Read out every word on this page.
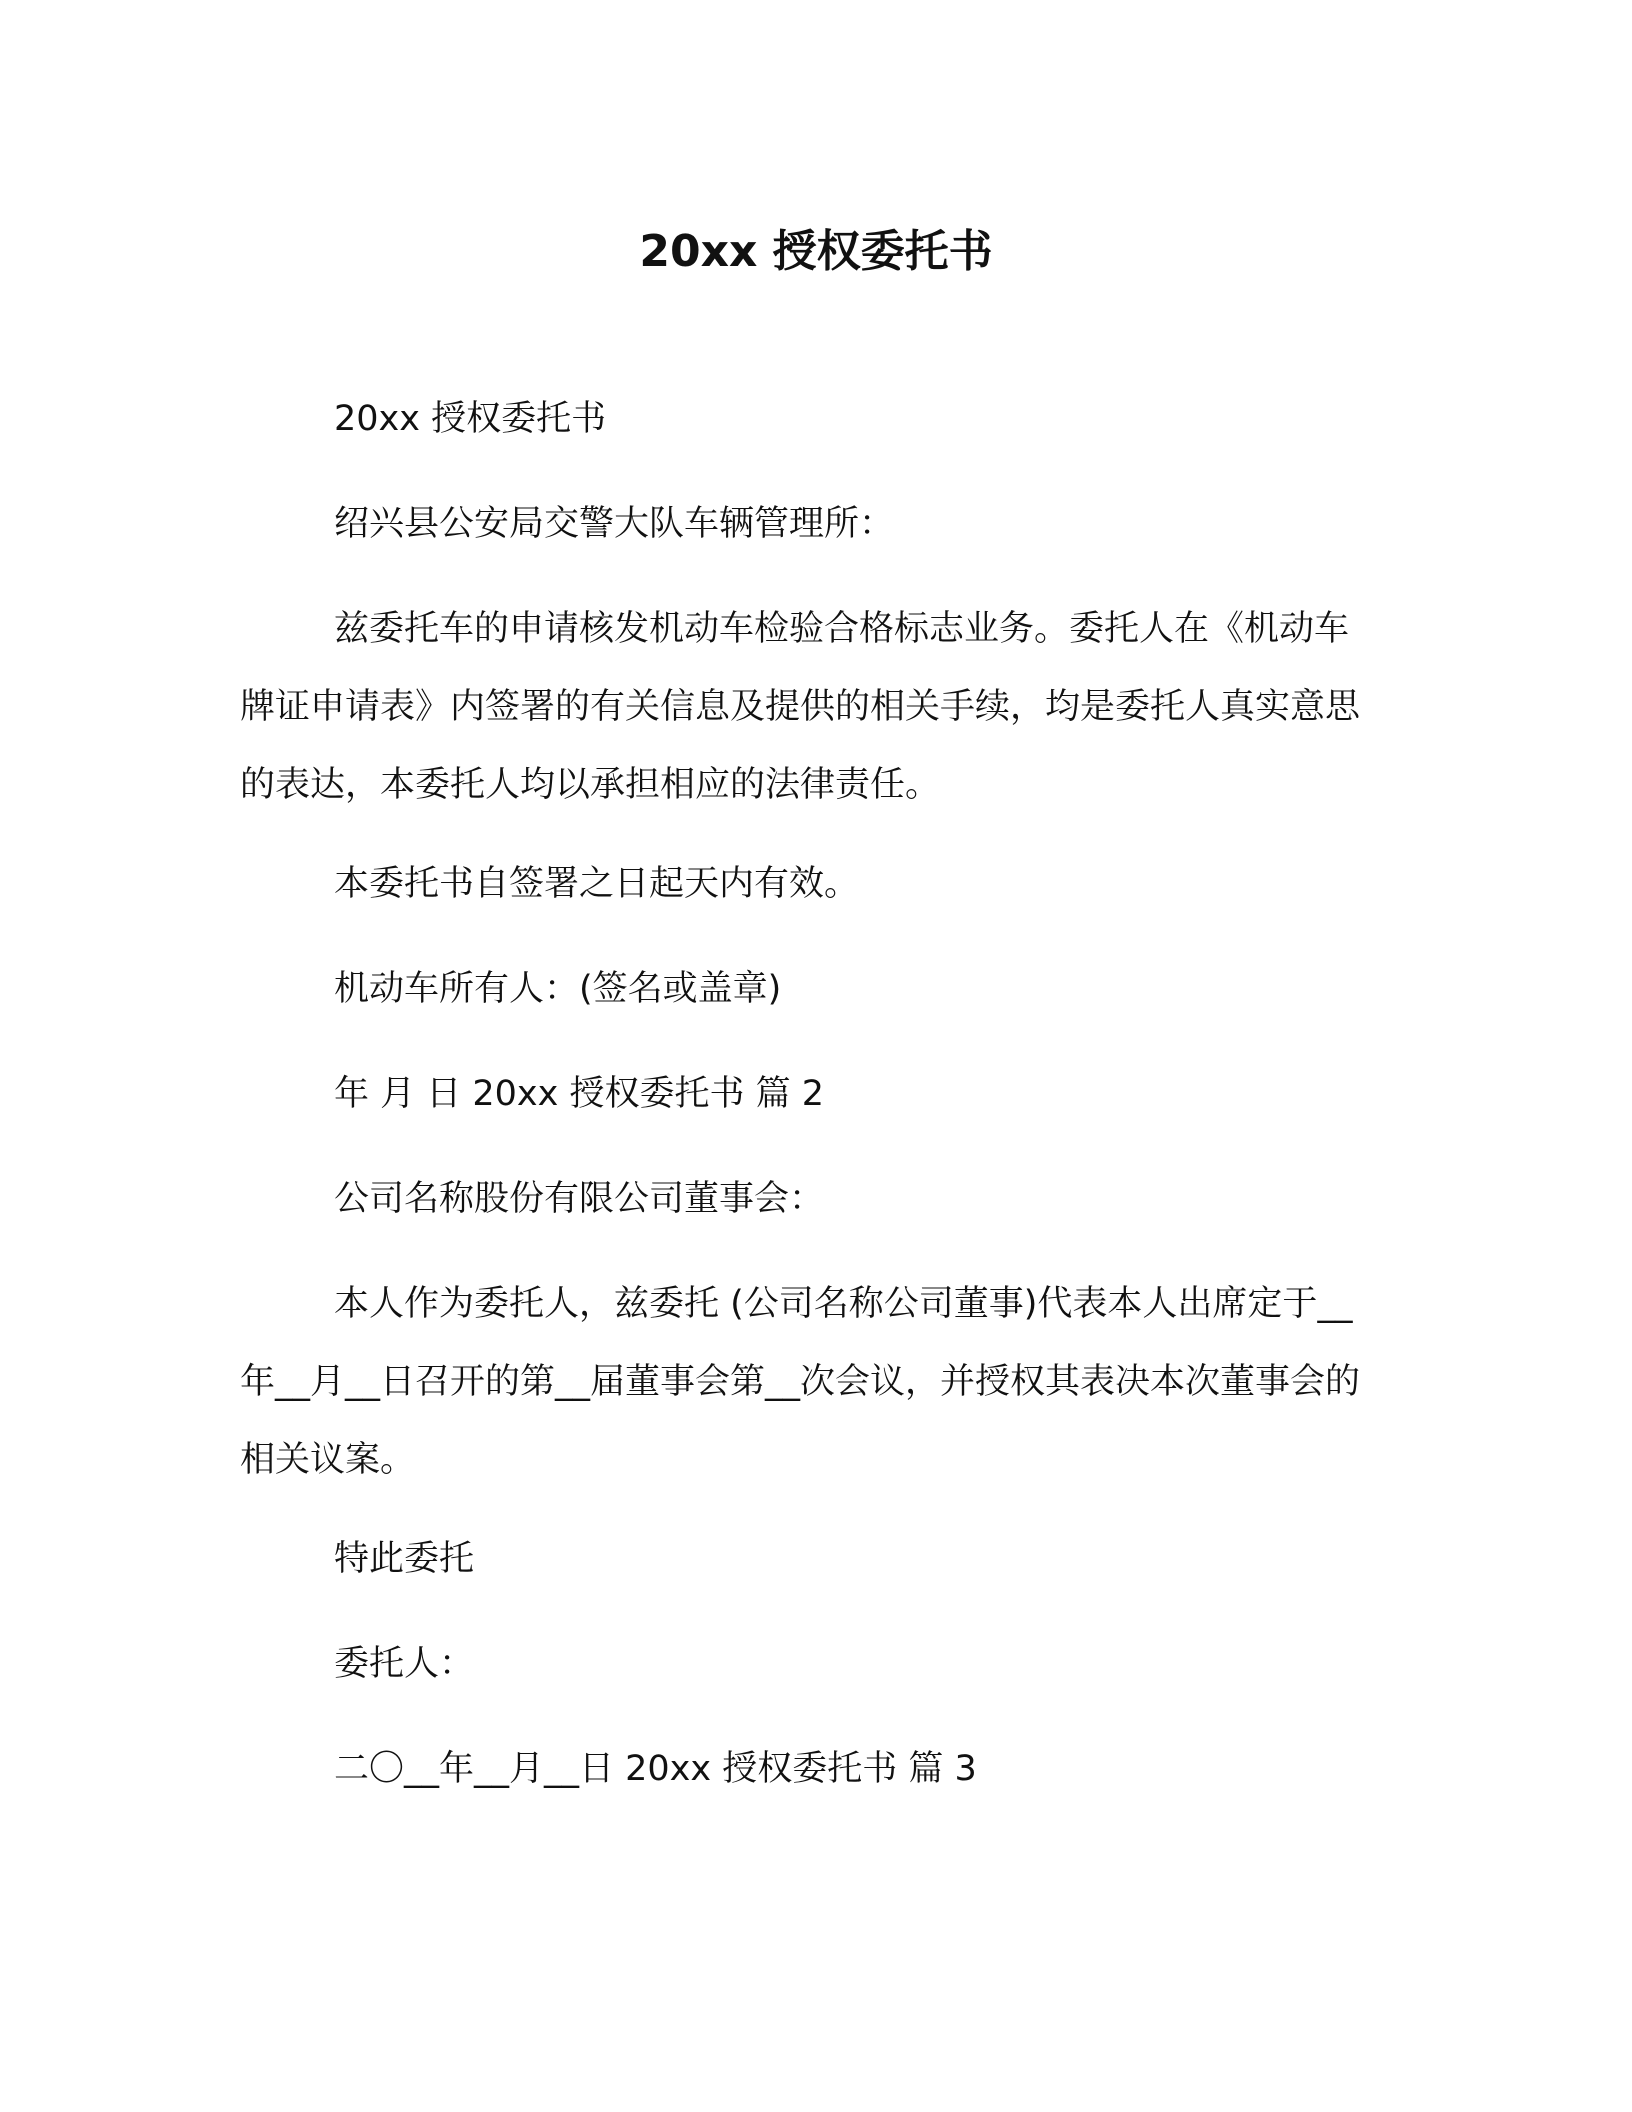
20xx 授权委托书

20xx 授权委托书

绍兴县公安局交警大队车辆管理所：

兹委托车的申请核发机动车检验合格标志业务。委托人在《机动车牌证申请表》内签署的有关信息及提供的相关手续，均是委托人真实意思的表达，本委托人均以承担相应的法律责任。

本委托书自签署之日起天内有效。

机动车所有人：(签名或盖章)

年 月 日 20xx 授权委托书 篇 2

公司名称股份有限公司董事会：

本人作为委托人，兹委托 (公司名称公司董事)代表本人出席定于__年__月__日召开的第__届董事会第__次会议，并授权其表决本次董事会的相关议案。

特此委托

委托人：

二〇__年__月__日 20xx 授权委托书 篇 3
